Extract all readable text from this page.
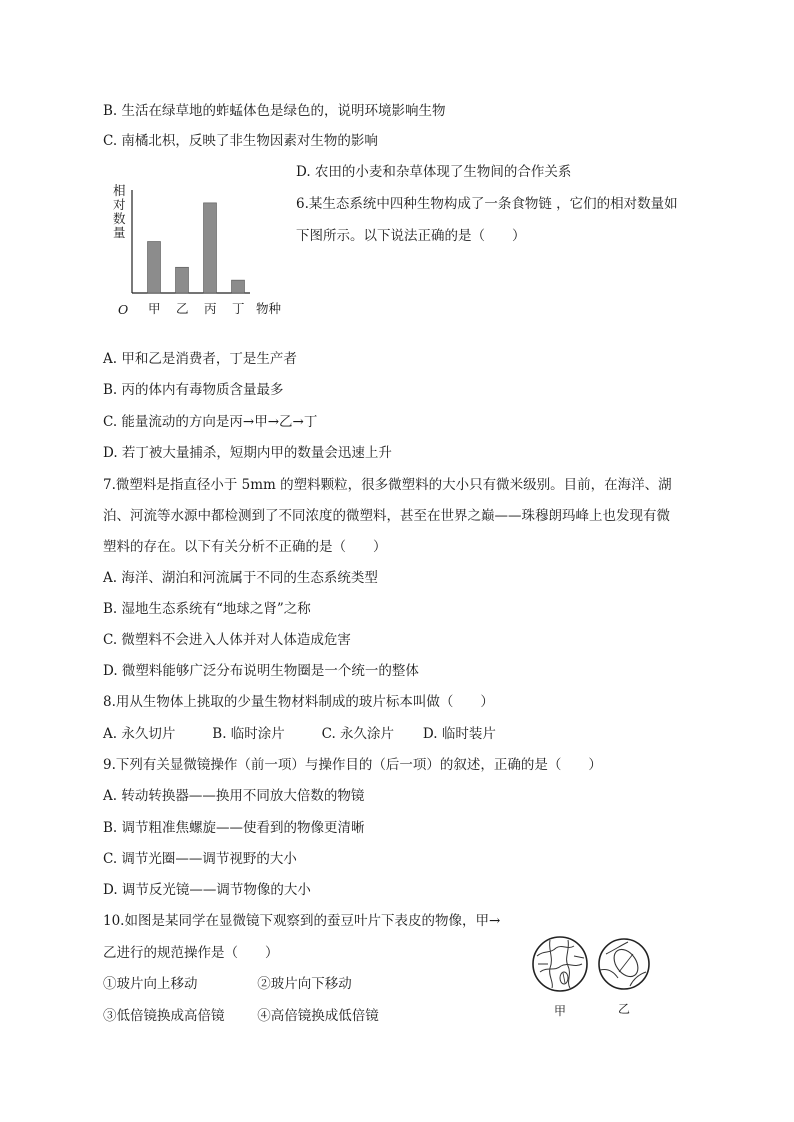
B. 生活在绿草地的蚱蜢体色是绿色的，说明环境影响生物
C. 南橘北枳，反映了非生物因素对生物的影响
D. 农田的小麦和杂草体现了生物间的合作关系
相
对
数
量
O 甲 乙 丙 丁 物种
6.某生态系统中四种生物构成了一条食物链 ，它们的相对数量如
下图所示。以下说法正确的是（　　）
A. 甲和乙是消费者，丁是生产者
B. 丙的体内有毒物质含量最多
C. 能量流动的方向是丙→甲→乙→丁
D. 若丁被大量捕杀，短期内甲的数量会迅速上升
7.微塑料是指直径小于 5mm 的塑料颗粒，很多微塑料的大小只有微米级别。目前，在海洋、湖
泊、河流等水源中都检测到了不同浓度的微塑料，甚至在世界之巅——珠穆朗玛峰上也发现有微
塑料的存在。以下有关分析不正确的是（　　）
A. 海洋、湖泊和河流属于不同的生态系统类型
B. 湿地生态系统有“地球之肾”之称
C. 微塑料不会进入人体并对人体造成危害
D. 微塑料能够广泛分布说明生物圈是一个统一的整体
8.用从生物体上挑取的少量生物材料制成的玻片标本叫做（　　）
A. 永久切片	B. 临时涂片	C. 永久涂片 D. 临时装片
9.下列有关显微镜操作（前一项）与操作目的（后一项）的叙述，正确的是（　　）
A. 转动转换器——换用不同放大倍数的物镜
B. 调节粗准焦螺旋——使看到的物像更清晰
C. 调节光圈——调节视野的大小
D. 调节反光镜——调节物像的大小
10.如图是某同学在显微镜下观察到的蚕豆叶片下表皮的物像，甲→
乙进行的规范操作是（　　）
①玻片向上移动	②玻片向下移动
③低倍镜换成高倍镜 ④高倍镜换成低倍镜	甲	乙
